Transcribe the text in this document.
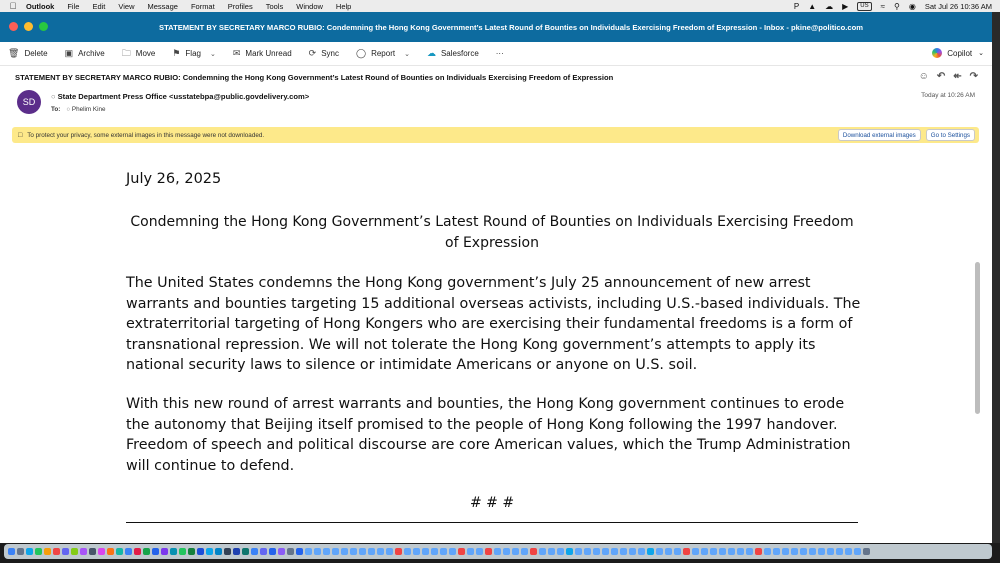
Outlook File Edit View Message Format Profiles Tools Window Help	P ▲ ☁ ▶	US	≈ ⚲ ◉ Sat Jul 26 10:36 AM
STATEMENT BY SECRETARY MARCO RUBIO: Condemning the Hong Kong Government’s Latest Round of Bounties on Individuals Exercising Freedom of Expression - Inbox - pkine@politico.com
🗑 Delete ▣ Archive 🗀 Move ⚑ Flag ⌄ ✉ Mark Unread ⟳ Sync ◯ Report ⌄ ☁ Salesforce ···	Copilot ⌄
STATEMENT BY SECRETARY MARCO RUBIO: Condemning the Hong Kong Government’s Latest Round of Bounties on Individuals Exercising Freedom of Expression	☺ ↶ ↞ ↷
SD
○ State Department Press Office <usstatebpa@public.govdelivery.com>
To: ○ Phelim Kine
Today at 10:26 AM
□ To protect your privacy, some external images in this message were not downloaded.	Download external images	Go to Settings
July 26, 2025
Condemning the Hong Kong Government’s Latest Round of Bounties on Individuals Exercising Freedom of Expression
The United States condemns the Hong Kong government’s July 25 announcement of new arrest warrants and bounties targeting 15 additional overseas activists, including U.S.-based individuals. The extraterritorial targeting of Hong Kongers who are exercising their fundamental freedoms is a form of transnational repression. We will not tolerate the Hong Kong government’s attempts to apply its national security laws to silence or intimidate Americans or anyone on U.S. soil.
With this new round of arrest warrants and bounties, the Hong Kong government continues to erode the autonomy that Beijing itself promised to the people of Hong Kong following the 1997 handover. Freedom of speech and political discourse are core American values, which the Trump Administration will continue to defend.
# # #
